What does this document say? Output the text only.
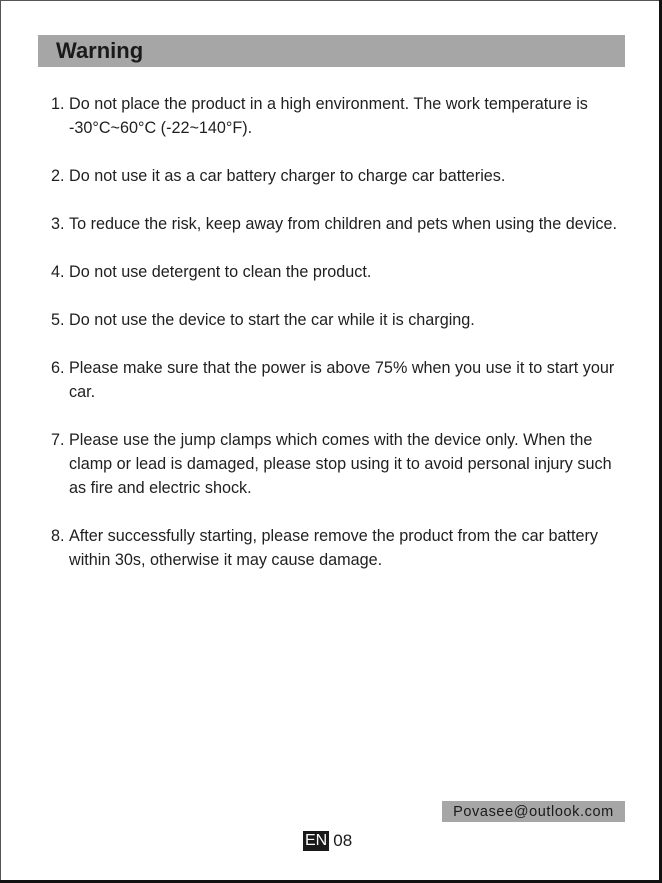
Warning
1. Do not place the product in a high environment. The work temperature is -30°C~60°C (-22~140°F).
2. Do not use it as a car battery charger to charge car batteries.
3. To reduce the risk, keep away from children and pets when using the device.
4. Do not use detergent to clean the product.
5. Do not use the device to start the car while it is charging.
6. Please make sure that the power is above 75% when you use it to start your car.
7. Please use the jump clamps which comes with the device only. When the clamp or lead is damaged, please stop using it to avoid personal injury such as fire and electric shock.
8. After successfully starting, please remove the product from the car battery within 30s, otherwise it may cause damage.
Povasee@outlook.com
EN 08
